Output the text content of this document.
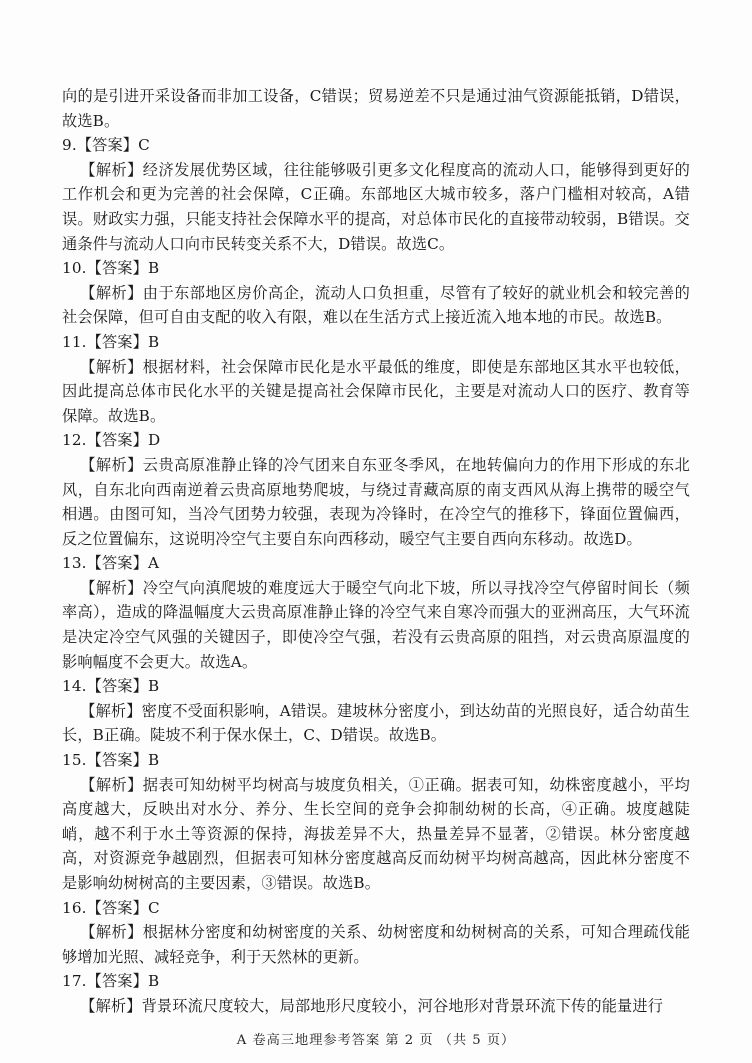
向的是引进开采设备而非加工设备，C错误；贸易逆差不只是通过油气资源能抵销，D错误，故选B。

9.【答案】C

【解析】经济发展优势区域，往往能够吸引更多文化程度高的流动人口，能够得到更好的工作机会和更为完善的社会保障，C正确。东部地区大城市较多，落户门槛相对较高，A错误。财政实力强，只能支持社会保障水平的提高，对总体市民化的直接带动较弱，B错误。交通条件与流动人口向市民转变关系不大，D错误。故选C。

10.【答案】B

【解析】由于东部地区房价高企，流动人口负担重，尽管有了较好的就业机会和较完善的社会保障，但可自由支配的收入有限，难以在生活方式上接近流入地本地的市民。故选B。

11.【答案】B

【解析】根据材料，社会保障市民化是水平最低的维度，即使是东部地区其水平也较低，因此提高总体市民化水平的关键是提高社会保障市民化，主要是对流动人口的医疗、教育等保障。故选B。

12.【答案】D

【解析】云贵高原准静止锋的冷气团来自东亚冬季风，在地转偏向力的作用下形成的东北风，自东北向西南逆着云贵高原地势爬坡，与绕过青藏高原的南支西风从海上携带的暖空气相遇。由图可知，当冷气团势力较强，表现为冷锋时，在冷空气的推移下，锋面位置偏西，反之位置偏东，这说明冷空气主要自东向西移动，暖空气主要自西向东移动。故选D。

13.【答案】A

【解析】冷空气向滇爬坡的难度远大于暖空气向北下坡，所以寻找冷空气停留时间长（频率高），造成的降温幅度大云贵高原准静止锋的冷空气来自寒冷而强大的亚洲高压，大气环流是决定冷空气风强的关键因子，即使冷空气强，若没有云贵高原的阻挡，对云贵高原温度的影响幅度不会更大。故选A。

14.【答案】B

【解析】密度不受面积影响，A错误。建坡林分密度小，到达幼苗的光照良好，适合幼苗生长，B正确。陡坡不利于保水保土，C、D错误。故选B。

15.【答案】B

【解析】据表可知幼树平均树高与坡度负相关，①正确。据表可知，幼株密度越小，平均高度越大，反映出对水分、养分、生长空间的竞争会抑制幼树的长高，④正确。坡度越陡峭，越不利于水土等资源的保持，海拔差异不大，热量差异不显著，②错误。林分密度越高，对资源竞争越剧烈，但据表可知林分密度越高反而幼树平均树高越高，因此林分密度不是影响幼树树高的主要因素，③错误。故选B。

16.【答案】C

【解析】根据林分密度和幼树密度的关系、幼树密度和幼树树高的关系，可知合理疏伐能够增加光照、减轻竞争，利于天然林的更新。

17.【答案】B

【解析】背景环流尺度较大，局部地形尺度较小，河谷地形对背景环流下传的能量进行

A 卷高三地理参考答案 第 2 页 （共 5 页）
